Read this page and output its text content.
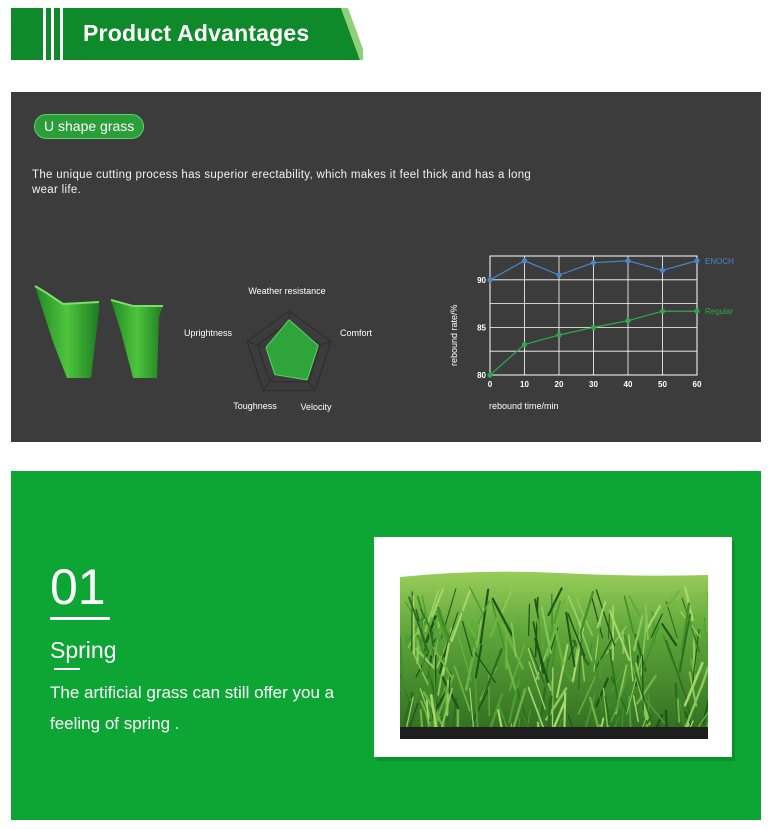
Product Advantages
U shape grass
The unique cutting process has superior erectability, which makes it feel thick and has a long wear life.
Weather resistance
Comfort
Velocity
Toughness
Uprightness
80
85
90
0	10	20	30	40	50	60
ENOCH
Regular
rebound time/min
rebound rate/%
01
Spring
The artificial grass can still offer you a feeling of spring .
